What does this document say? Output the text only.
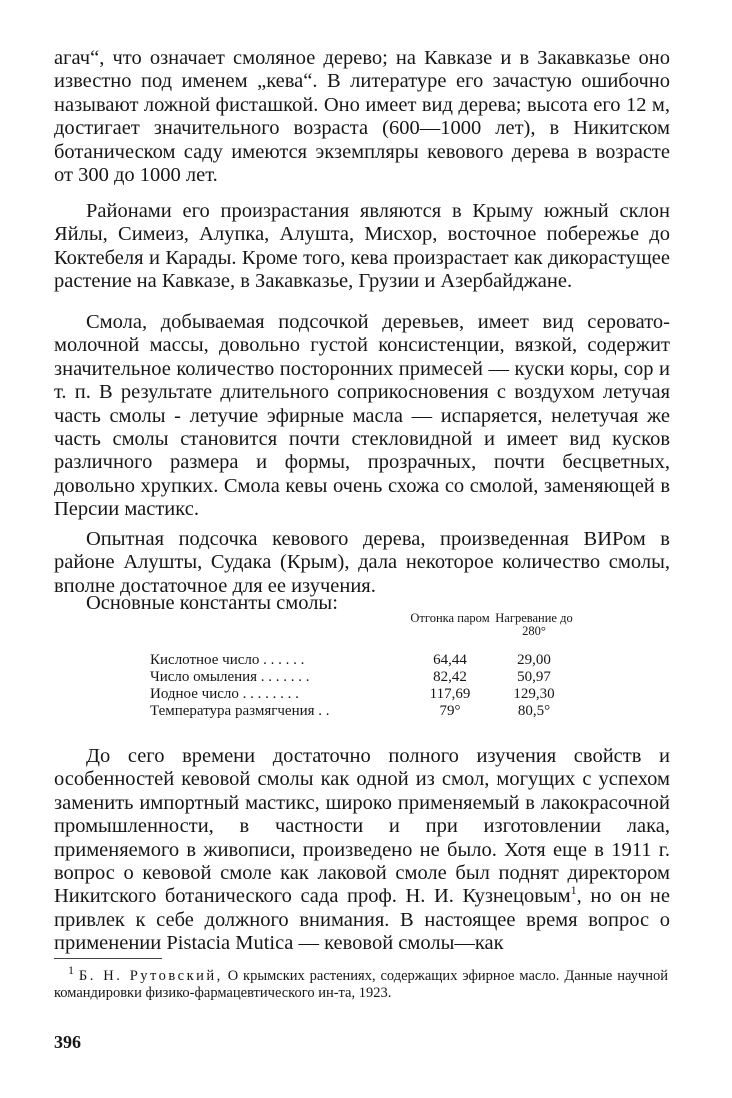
агач“, что означает смоляное дерево; на Кавказе и в Закавказье оно известно под именем „кева“. В литературе его зачастую ошибочно называют ложной фисташкой. Оно имеет вид дерева; высота его 12 м, достигает значительного возраста (600—1000 лет), в Никитском ботаническом саду имеются экземпляры кевового дерева в возрасте от 300 до 1000 лет.

Районами его произрастания являются в Крыму южный склон Яйлы, Симеиз, Алупка, Алушта, Мисхор, восточное побережье до Коктебеля и Карады. Кроме того, кева произрастает как дикорастущее растение на Кавказе, в Закавказье, Грузии и Азербайджане.

Смола, добываемая подсочкой деревьев, имеет вид серовато-молочной массы, довольно густой консистенции, вязкой, содержит значительное количество посторонних примесей — куски коры, сор и т. п. В результате длительного соприкосновения с воздухом летучая часть смолы - летучие эфирные масла — испаряется, нелетучая же часть смолы становится почти стекловидной и имеет вид кусков различного размера и формы, прозрачных, почти бесцветных, довольно хрупких. Смола кевы очень схожа со смолой, заменяющей в Персии мастикс.

Опытная подсочка кевового дерева, произведенная ВИРом в районе Алушты, Судака (Крым), дала некоторое количество смолы, вполне достаточное для ее изучения.

Основные константы смолы:

	Отгонка паром	Нагревание до 280°
Кислотное число . . . . . .	64,44	29,00
Число омыления . . . . . . .	82,42	50,97
Иодное число . . . . . . . .	117,69	129,30
Температура размягчения . .	79°	80,5°

До сего времени достаточно полного изучения свойств и особенностей кевовой смолы как одной из смол, могущих с успехом заменить импортный мастикс, широко применяемый в лакокрасочной промышленности, в частности и при изготовлении лака, применяемого в живописи, произведено не было. Хотя еще в 1911 г. вопрос о кевовой смоле как лаковой смоле был поднят директором Никитского ботанического сада проф. Н. И. Кузнецовым$^1$, но он не привлек к себе должного внимания. В настоящее время вопрос о применении Pistacia Mutica — кевовой смолы—как

$^1$ Б. Н. Рутовский, О крымских растениях, содержащих эфирное масло. Данные научной командировки физико-фармацевтического ин-та, 1923.

396
